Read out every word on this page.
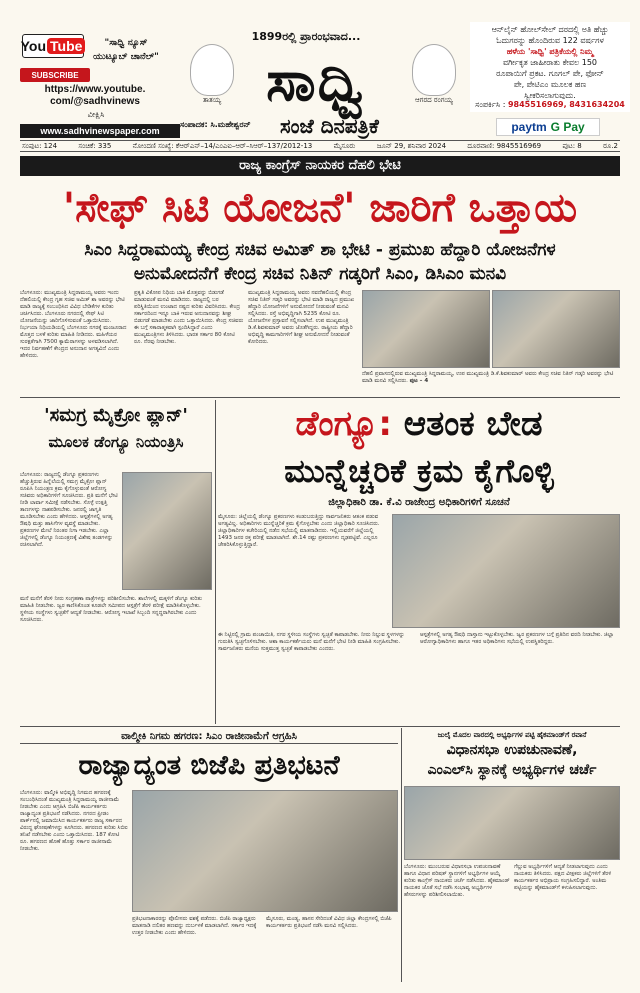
You Tube
SUBSCRIBE
"ಸಾಧ್ವಿ ನ್ಯೂಸ್ ಯುಟ್ಯೂಬ್ ಚಾನೆಲ್"
https://www.youtube.
com/@sadhvinews
ವೀಕ್ಷಿಸಿ
www.sadhvinewspaper.com
1899ರಲ್ಲಿ ಪ್ರಾರಂಭವಾದ...
ತಾತಯ್ಯ ಸಾಧ್ವಿ	ಆಗರದ ರಂಗಯ್ಯ
ಸಂಪಾದಕ: ಸಿ.ಮಹೇಶ್ವರನ್	ಸಂಜೆ ದಿನಪತ್ರಿಕೆ
ಆನ್‌ಲೈನ್ ಹೋಲ್‌ಸೇಲ್ ದರದಲ್ಲಿ ಅತಿ ಹೆಚ್ಚು
ಓದುಗರನ್ನು ಹೊಂದಿರುವ 122 ವರ್ಷಗಳ
ಹಳೆಯ 'ಸಾಧ್ವಿ' ಪತ್ರಿಕೆಯಲ್ಲಿ ನಿಮ್ಮ
ವರ್ಗೀಕೃತ ಜಾಹೀರಾತು ಕೇವಲ 150
ರೂಪಾಯಿಗೆ ಪ್ರಕಟ. ಗೂಗಲ್ ಪೇ, ಫೋನ್
ಪೇ, ಪೇಟಿಎಂ ಮೂಲಕ ಹಣ
ಸ್ವೀಕರಿಸಲಾಗುವುದು.
ಸಂಪರ್ಕಿಸಿ : 9845516969, 8431634204
paytm G Pay
ಸಂಪುಟ: 124	ಸಂಚಿಕೆ: 335	ನೋಂದಣಿ ಸಂಖ್ಯೆ: ಕೆಆರ್‌ಎನ್–14/ಎಂಎಐ–ಆರ್–ಸಿಆರ್–137/2012-13	ಮೈಸೂರು	ಜೂನ್ 29, ಶನಿವಾರ 2024	ದೂರವಾಣಿ: 9845516969	ಪುಟ: 8	ರೂ.2
ರಾಜ್ಯ ಕಾಂಗ್ರೆಸ್ ನಾಯಕರ ದೆಹಲಿ ಭೇಟಿ
'ಸೇಫ್ ಸಿಟಿ ಯೋಜನೆ' ಜಾರಿಗೆ ಒತ್ತಾಯ
ಸಿಎಂ ಸಿದ್ದರಾಮಯ್ಯ ಕೇಂದ್ರ ಸಚಿವ ಅಮಿತ್ ಶಾ ಭೇಟಿ - ಪ್ರಮುಖ ಹೆದ್ದಾರಿ ಯೋಜನೆಗಳ
ಅನುಮೋದನೆಗೆ ಕೇಂದ್ರ ಸಚಿವ ನಿತಿನ್ ಗಡ್ಕರಿಗೆ ಸಿಎಂ, ಡಿಸಿಎಂ ಮನವಿ
ಬೆಂಗಳೂರು: ಮುಖ್ಯಮಂತ್ರಿ ಸಿದ್ದರಾಮಯ್ಯ ಅವರು ಇಂದು ದೆಹಲಿಯಲ್ಲಿ ಕೇಂದ್ರ ಗೃಹ ಸಚಿವ ಅಮಿತ್ ಶಾ ಅವರನ್ನು ಭೇಟಿ ಮಾಡಿ ರಾಜ್ಯಕ್ಕೆ ಸಂಬಂಧಿಸಿದ ವಿವಿಧ ಬೇಡಿಕೆಗಳ ಕುರಿತು ಚರ್ಚಿಸಿದರು. ಬೆಂಗಳೂರು ನಗರದಲ್ಲಿ ಸೇಫ್ ಸಿಟಿ ಯೋಜನೆಯನ್ನು ಜಾರಿಗೊಳಿಸುವಂತೆ ಒತ್ತಾಯಿಸಿದರು. ನಿರ್ಭಯಾ ನಿಧಿಯಡಿಯಲ್ಲಿ ಬೆಂಗಳೂರು ನಗರಕ್ಕೆ ಮಂಜೂರಾದ ಮೊತ್ತದ ಬಳಕೆ ಕುರಿತು ಮಾಹಿತಿ ನೀಡಿದರು. ಮಹಿಳೆಯರ ಸುರಕ್ಷತೆಗಾಗಿ 7500 ಕ್ಯಾಮೆರಾಗಳನ್ನು ಅಳವಡಿಸಲಾಗಿದೆ. ಇದರ ನಿರ್ವಹಣೆಗೆ ಕೇಂದ್ರದ ಅನುದಾನ ಅಗತ್ಯವಿದೆ ಎಂದು ಹೇಳಿದರು.
ಪ್ರಕೃತಿ ವಿಕೋಪ ನಿಧಿಯ ಬಾಕಿ ಮೊತ್ತವನ್ನು ಬಿಡುಗಡೆ ಮಾಡುವಂತೆ ಮನವಿ ಮಾಡಿದರು. ರಾಜ್ಯದಲ್ಲಿ ಬರ ಪರಿಸ್ಥಿತಿಯಿಂದ ಉಂಟಾದ ನಷ್ಟದ ಕುರಿತು ವಿವರಿಸಿದರು. ಕೇಂದ್ರ ಸರ್ಕಾರದಿಂದ ಇನ್ನೂ ಬಾಕಿ ಇರುವ ಅನುದಾನವನ್ನು ಶೀಘ್ರ ಬಿಡುಗಡೆ ಮಾಡಬೇಕು ಎಂದು ಒತ್ತಾಯಿಸಿದರು. ಕೇಂದ್ರ ಸಚಿವರು ಈ ಬಗ್ಗೆ ಸಕಾರಾತ್ಮಕವಾಗಿ ಸ್ಪಂದಿಸಿದ್ದಾರೆ ಎಂದು ಮುಖ್ಯಮಂತ್ರಿಗಳು ತಿಳಿಸಿದರು. ಭಾರತ ಸರ್ಕಾರ 80 ಕೋಟಿ ರೂ. ನೆರವು ನೀಡಬೇಕು.
ಮುಖ್ಯಮಂತ್ರಿ ಸಿದ್ದರಾಮಯ್ಯ ಅವರು ನವದೆಹಲಿಯಲ್ಲಿ ಕೇಂದ್ರ ಸಚಿವ ನಿತಿನ್ ಗಡ್ಕರಿ ಅವರನ್ನು ಭೇಟಿ ಮಾಡಿ ರಾಜ್ಯದ ಪ್ರಮುಖ ಹೆದ್ದಾರಿ ಯೋಜನೆಗಳಿಗೆ ಅನುಮೋದನೆ ನೀಡುವಂತೆ ಮನವಿ ಸಲ್ಲಿಸಿದರು. ರಸ್ತೆ ಅಭಿವೃದ್ಧಿಗಾಗಿ 5235 ಕೋಟಿ ರೂ. ಯೋಜನೆಗಳ ಪ್ರಸ್ತಾವನೆ ಸಲ್ಲಿಸಲಾಗಿದೆ. ಉಪ ಮುಖ್ಯಮಂತ್ರಿ ಡಿ.ಕೆ.ಶಿವಕುಮಾರ್ ಅವರು ಜೊತೆಗಿದ್ದರು. ರಾಷ್ಟ್ರೀಯ ಹೆದ್ದಾರಿ ಅಭಿವೃದ್ಧಿ ಕಾಮಗಾರಿಗಳಿಗೆ ಶೀಘ್ರ ಅನುಮೋದನೆ ನೀಡುವಂತೆ ಕೋರಿದರು.
ದೆಹಲಿ ಪ್ರವಾಸದಲ್ಲಿರುವ ಮುಖ್ಯಮಂತ್ರಿ ಸಿದ್ದರಾಮಯ್ಯ, ಉಪ ಮುಖ್ಯಮಂತ್ರಿ ಡಿ.ಕೆ.ಶಿವಕುಮಾರ್ ಅವರು ಕೇಂದ್ರ ಸಚಿವ ನಿತಿನ್ ಗಡ್ಕರಿ ಅವರನ್ನು ಭೇಟಿ ಮಾಡಿ ಮನವಿ ಸಲ್ಲಿಸಿದರು. ಪುಟ – 4
'ಸಮಗ್ರ ಮೈಕ್ರೋ ಪ್ಲಾನ್'
ಮೂಲಕ ಡೆಂಗ್ಯೂ ನಿಯಂತ್ರಿಸಿ
ಬೆಂಗಳೂರು: ರಾಜ್ಯದಲ್ಲಿ ಡೆಂಗ್ಯೂ ಪ್ರಕರಣಗಳು ಹೆಚ್ಚುತ್ತಿರುವ ಹಿನ್ನೆಲೆಯಲ್ಲಿ ಸಮಗ್ರ ಮೈಕ್ರೋ ಪ್ಲಾನ್ ರೂಪಿಸಿ ನಿಯಂತ್ರಣ ಕ್ರಮ ಕೈಗೊಳ್ಳುವಂತೆ ಆರೋಗ್ಯ ಸಚಿವರು ಅಧಿಕಾರಿಗಳಿಗೆ ಸೂಚಿಸಿದರು. ಪ್ರತಿ ಮನೆಗೆ ಭೇಟಿ ನೀಡಿ ಲಾರ್ವಾ ಸಮೀಕ್ಷೆ ನಡೆಸಬೇಕು. ಸೊಳ್ಳೆ ಉತ್ಪತ್ತಿ ತಾಣಗಳನ್ನು ನಾಶಪಡಿಸಬೇಕು. ಜನರಲ್ಲಿ ಜಾಗೃತಿ ಮೂಡಿಸಬೇಕು ಎಂದು ಹೇಳಿದರು. ಆಸ್ಪತ್ರೆಗಳಲ್ಲಿ ಅಗತ್ಯ ಔಷಧಿ ಮತ್ತು ಹಾಸಿಗೆಗಳ ವ್ಯವಸ್ಥೆ ಮಾಡಬೇಕು. ಪ್ರಕರಣಗಳ ಮೇಲೆ ನಿರಂತರ ನಿಗಾ ಇಡಬೇಕು. ಎಲ್ಲಾ ಜಿಲ್ಲೆಗಳಲ್ಲಿ ಡೆಂಗ್ಯೂ ನಿಯಂತ್ರಣಕ್ಕೆ ವಿಶೇಷ ತಂಡಗಳನ್ನು ರಚಿಸಲಾಗಿದೆ.
ಮನೆ ಮನೆಗೆ ತೆರಳಿ ನೀರು ಸಂಗ್ರಹಣಾ ಪಾತ್ರೆಗಳನ್ನು ಪರಿಶೀಲಿಸಬೇಕು. ಶಾಲೆಗಳಲ್ಲಿ ಮಕ್ಕಳಿಗೆ ಡೆಂಗ್ಯೂ ಕುರಿತು ಮಾಹಿತಿ ನೀಡಬೇಕು. ಜ್ವರ ಕಾಣಿಸಿಕೊಂಡ ಕೂಡಲೇ ಸಮೀಪದ ಆಸ್ಪತ್ರೆಗೆ ತೆರಳಿ ಪರೀಕ್ಷೆ ಮಾಡಿಸಿಕೊಳ್ಳಬೇಕು. ಸ್ಥಳೀಯ ಸಂಸ್ಥೆಗಳು ಸ್ವಚ್ಛತೆಗೆ ಆದ್ಯತೆ ನೀಡಬೇಕು. ಆರೋಗ್ಯ ಇಲಾಖೆ ಸಿಬ್ಬಂದಿ ಸನ್ನದ್ಧರಾಗಿರಬೇಕು ಎಂದು ಸೂಚಿಸಿದರು.
ಡೆಂಗ್ಯೂ: ಆತಂಕ ಬೇಡ
ಮುನ್ನೆಚ್ಚರಿಕೆ ಕ್ರಮ ಕೈಗೊಳ್ಳಿ
ಜಿಲ್ಲಾಧಿಕಾರಿ ಡಾ. ಕೆ.ವಿ ರಾಜೇಂದ್ರ ಅಧಿಕಾರಿಗಳಿಗೆ ಸೂಚನೆ
ಮೈಸೂರು: ಜಿಲ್ಲೆಯಲ್ಲಿ ಡೆಂಗ್ಯೂ ಪ್ರಕರಣಗಳು ಕಂಡುಬರುತ್ತಿದ್ದು ಸಾರ್ವಜನಿಕರು ಆತಂಕ ಪಡುವ ಅಗತ್ಯವಿಲ್ಲ. ಅಧಿಕಾರಿಗಳು ಮುನ್ನೆಚ್ಚರಿಕೆ ಕ್ರಮ ಕೈಗೊಳ್ಳಬೇಕು ಎಂದು ಜಿಲ್ಲಾಧಿಕಾರಿ ಸೂಚಿಸಿದರು. ಜಿಲ್ಲಾಧಿಕಾರಿಗಳ ಕಚೇರಿಯಲ್ಲಿ ನಡೆದ ಸಭೆಯಲ್ಲಿ ಮಾತನಾಡಿದರು. ಇಲ್ಲಿಯವರೆಗೆ ಜಿಲ್ಲೆಯಲ್ಲಿ 1493 ಜನರ ರಕ್ತ ಪರೀಕ್ಷೆ ಮಾಡಲಾಗಿದೆ. ಶೇ.14 ರಷ್ಟು ಪ್ರಕರಣಗಳು ದೃಢಪಟ್ಟಿವೆ. ಎಲ್ಲರೂ ಚೇತರಿಸಿಕೊಳ್ಳುತ್ತಿದ್ದಾರೆ.
ಈ ನಿಟ್ಟಿನಲ್ಲಿ ಗ್ರಾಮ ಪಂಚಾಯಿತಿ, ನಗರ ಸ್ಥಳೀಯ ಸಂಸ್ಥೆಗಳು ಸ್ವಚ್ಛತೆ ಕಾಪಾಡಬೇಕು. ನೀರು ನಿಲ್ಲುವ ಸ್ಥಳಗಳನ್ನು ಗುರುತಿಸಿ ಸ್ವಚ್ಛಗೊಳಿಸಬೇಕು. ಆಶಾ ಕಾರ್ಯಕರ್ತೆಯರು ಮನೆ ಮನೆಗೆ ಭೇಟಿ ನೀಡಿ ಮಾಹಿತಿ ಸಂಗ್ರಹಿಸಬೇಕು. ಸಾರ್ವಜನಿಕರು ಮನೆಯ ಸುತ್ತಮುತ್ತ ಸ್ವಚ್ಛತೆ ಕಾಪಾಡಬೇಕು ಎಂದರು.
ಆಸ್ಪತ್ರೆಗಳಲ್ಲಿ ಅಗತ್ಯ ಔಷಧಿ ದಾಸ್ತಾನು ಇಟ್ಟುಕೊಳ್ಳಬೇಕು. ಜ್ವರ ಪ್ರಕರಣಗಳ ಬಗ್ಗೆ ಪ್ರತಿದಿನ ವರದಿ ನೀಡಬೇಕು. ಜಿಲ್ಲಾ ಆರೋಗ್ಯಾಧಿಕಾರಿಗಳು ಹಾಗೂ ಇತರ ಅಧಿಕಾರಿಗಳು ಸಭೆಯಲ್ಲಿ ಉಪಸ್ಥಿತರಿದ್ದರು.
ವಾಲ್ಮೀಕಿ ನಿಗಮ ಹಗರಣ: ಸಿಎಂ ರಾಜೀನಾಮೆಗೆ ಆಗ್ರಹಿಸಿ
ರಾಜ್ಯಾದ್ಯಂತ ಬಿಜೆಪಿ ಪ್ರತಿಭಟನೆ
ಬೆಂಗಳೂರು: ವಾಲ್ಮೀಕಿ ಅಭಿವೃದ್ಧಿ ನಿಗಮದ ಹಗರಣಕ್ಕೆ ಸಂಬಂಧಿಸಿದಂತೆ ಮುಖ್ಯಮಂತ್ರಿ ಸಿದ್ದರಾಮಯ್ಯ ರಾಜೀನಾಮೆ ನೀಡಬೇಕು ಎಂದು ಆಗ್ರಹಿಸಿ ಬಿಜೆಪಿ ಕಾರ್ಯಕರ್ತರು ರಾಜ್ಯಾದ್ಯಂತ ಪ್ರತಿಭಟನೆ ನಡೆಸಿದರು. ನಗರದ ಫ್ರೀಡಂ ಪಾರ್ಕ್‌ನಲ್ಲಿ ಜಮಾಯಿಸಿದ ಕಾರ್ಯಕರ್ತರು ರಾಜ್ಯ ಸರ್ಕಾರದ ವಿರುದ್ಧ ಘೋಷಣೆಗಳನ್ನು ಕೂಗಿದರು. ಹಗರಣದ ಕುರಿತು ಸಿಬಿಐ ತನಿಖೆ ನಡೆಸಬೇಕು ಎಂದು ಒತ್ತಾಯಿಸಿದರು. 187 ಕೋಟಿ ರೂ. ಹಗರಣದ ಹೊಣೆ ಹೊತ್ತು ಸರ್ಕಾರ ರಾಜೀನಾಮೆ ನೀಡಬೇಕು.
ಪ್ರತಿಭಟನಾಕಾರರನ್ನು ಪೊಲೀಸರು ವಶಕ್ಕೆ ಪಡೆದರು. ಬಿಜೆಪಿ ರಾಜ್ಯಾಧ್ಯಕ್ಷರು ಮಾತನಾಡಿ ದಲಿತರ ಹಣವನ್ನು ದುರ್ಬಳಕೆ ಮಾಡಲಾಗಿದೆ. ಸರ್ಕಾರ ಇದಕ್ಕೆ ಉತ್ತರ ನೀಡಬೇಕು ಎಂದು ಹೇಳಿದರು.
ಮೈಸೂರು, ಮಂಡ್ಯ, ಹಾಸನ ಸೇರಿದಂತೆ ವಿವಿಧ ಜಿಲ್ಲಾ ಕೇಂದ್ರಗಳಲ್ಲಿ ಬಿಜೆಪಿ ಕಾರ್ಯಕರ್ತರು ಪ್ರತಿಭಟನೆ ನಡೆಸಿ ಮನವಿ ಸಲ್ಲಿಸಿದರು.
ಜುಲೈ ಮೊದಲ ವಾರದಲ್ಲಿ ಅಭ್ಯರ್ಥಿಗಳ ಪಟ್ಟಿ ಹೈಕಮಾಂಡ್‌ಗೆ ರವಾನೆ
ವಿಧಾನಸಭಾ ಉಪಚುನಾವಣೆ,
ಎಂಎಲ್‌ಸಿ ಸ್ಥಾನಕ್ಕೆ ಅಭ್ಯರ್ಥಿಗಳ ಚರ್ಚೆ
ಬೆಂಗಳೂರು: ಮುಂಬರುವ ವಿಧಾನಸಭಾ ಉಪಚುನಾವಣೆ ಹಾಗೂ ವಿಧಾನ ಪರಿಷತ್ ಸ್ಥಾನಗಳಿಗೆ ಅಭ್ಯರ್ಥಿಗಳ ಆಯ್ಕೆ ಕುರಿತು ಕಾಂಗ್ರೆಸ್ ನಾಯಕರು ಚರ್ಚೆ ನಡೆಸಿದರು. ಹೈಕಮಾಂಡ್ ನಾಯಕರ ಜೊತೆ ಸಭೆ ನಡೆಸಿ ಸಂಭಾವ್ಯ ಅಭ್ಯರ್ಥಿಗಳ ಹೆಸರುಗಳನ್ನು ಪರಿಶೀಲಿಸಲಾಯಿತು.
ಗೆಲ್ಲುವ ಅಭ್ಯರ್ಥಿಗಳಿಗೆ ಆದ್ಯತೆ ನೀಡಲಾಗುವುದು ಎಂದು ನಾಯಕರು ತಿಳಿಸಿದರು. ಪಕ್ಷದ ವೀಕ್ಷಕರು ಜಿಲ್ಲೆಗಳಿಗೆ ತೆರಳಿ ಕಾರ್ಯಕರ್ತರ ಅಭಿಪ್ರಾಯ ಸಂಗ್ರಹಿಸಲಿದ್ದಾರೆ. ಅಂತಿಮ ಪಟ್ಟಿಯನ್ನು ಹೈಕಮಾಂಡ್‌ಗೆ ಕಳುಹಿಸಲಾಗುವುದು.
